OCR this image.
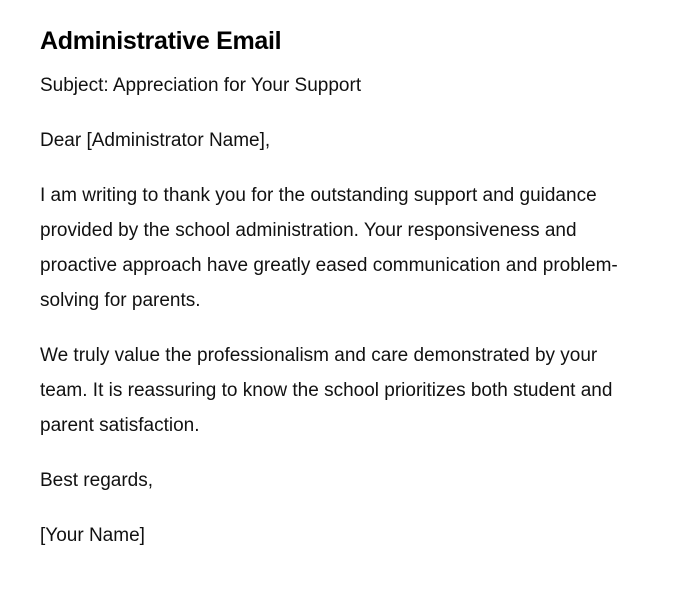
Administrative Email

Subject: Appreciation for Your Support

Dear [Administrator Name],

I am writing to thank you for the outstanding support and guidance provided by the school administration. Your responsiveness and proactive approach have greatly eased communication and problem-solving for parents.

We truly value the professionalism and care demonstrated by your team. It is reassuring to know the school prioritizes both student and parent satisfaction.

Best regards,

[Your Name]
